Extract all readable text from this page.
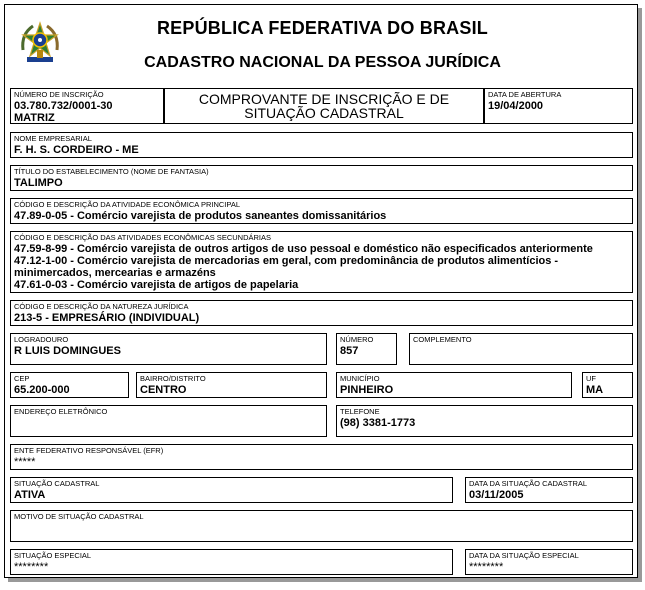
REPÚBLICA FEDERATIVA DO BRASIL
CADASTRO NACIONAL DA PESSOA JURÍDICA
NÚMERO DE INSCRIÇÃO
03.780.732/0001-30
MATRIZ
COMPROVANTE DE INSCRIÇÃO E DE
SITUAÇÃO CADASTRAL
DATA DE ABERTURA
19/04/2000
NOME EMPRESARIAL
F. H. S. CORDEIRO - ME
TÍTULO DO ESTABELECIMENTO (NOME DE FANTASIA)
TALIMPO
CÓDIGO E DESCRIÇÃO DA ATIVIDADE ECONÔMICA PRINCIPAL
47.89-0-05 - Comércio varejista de produtos saneantes domissanitários
CÓDIGO E DESCRIÇÃO DAS ATIVIDADES ECONÔMICAS SECUNDÁRIAS
47.59-8-99 - Comércio varejista de outros artigos de uso pessoal e doméstico não especificados anteriormente
47.12-1-00 - Comércio varejista de mercadorias em geral, com predominância de produtos alimentícios -
minimercados, mercearias e armazéns
47.61-0-03 - Comércio varejista de artigos de papelaria
CÓDIGO E DESCRIÇÃO DA NATUREZA JURÍDICA
213-5 - EMPRESÁRIO (INDIVIDUAL)
LOGRADOURO
R LUIS DOMINGUES
NÚMERO
857
COMPLEMENTO
CEP
65.200-000
BAIRRO/DISTRITO
CENTRO
MUNICÍPIO
PINHEIRO
UF
MA
ENDEREÇO ELETRÔNICO	TELEFONE
(98) 3381-1773
ENTE FEDERATIVO RESPONSÁVEL (EFR)
*****
SITUAÇÃO CADASTRAL
ATIVA
DATA DA SITUAÇÃO CADASTRAL
03/11/2005
MOTIVO DE SITUAÇÃO CADASTRAL
SITUAÇÃO ESPECIAL
********
DATA DA SITUAÇÃO ESPECIAL
********
